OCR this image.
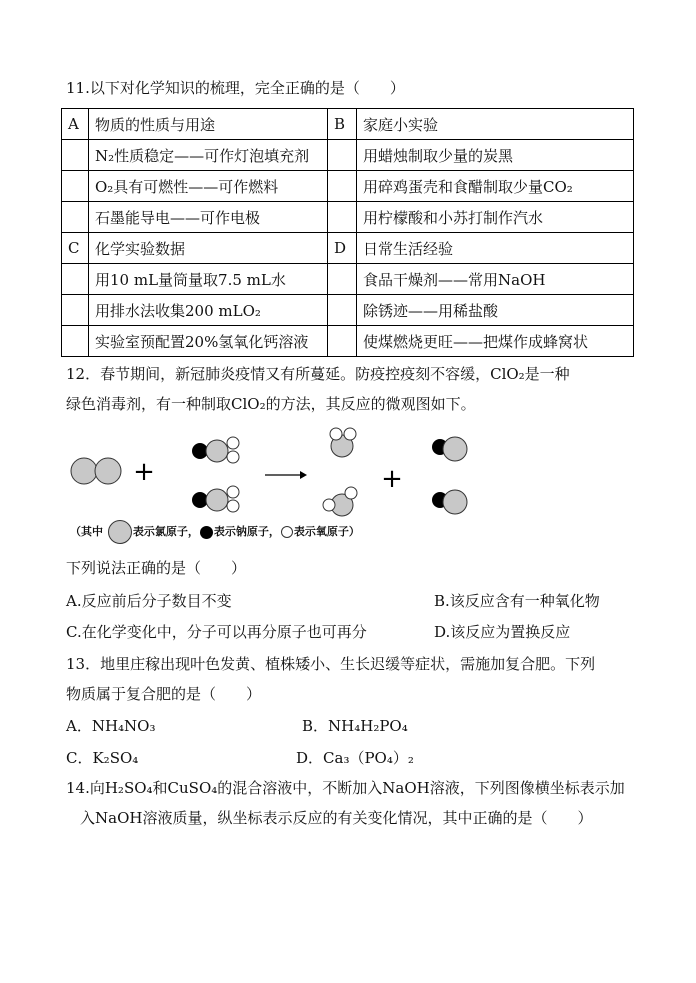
11.以下对化学知识的梳理，完全正确的是（　　）
A	物质的性质与用途	B	家庭小实验
	N₂性质稳定——可作灯泡填充剂		用蜡烛制取少量的炭黑
	O₂具有可燃性——可作燃料		用碎鸡蛋壳和食醋制取少量CO₂
	石墨能导电——可作电极		用柠檬酸和小苏打制作汽水
C	化学实验数据	D	日常生活经验
	用10 mL量筒量取7.5 mL水		食品干燥剂——常用NaOH
	用排水法收集200 mLO₂		除锈迹——用稀盐酸
	实验室预配置20%氢氧化钙溶液		使煤燃烧更旺——把煤作成蜂窝状
12．春节期间，新冠肺炎疫情又有所蔓延。防疫控疫刻不容缓，ClO₂是一种
绿色消毒剂，有一种制取ClO₂的方法，其反应的微观图如下。
+	+
（其中	表示氯原子， 表示钠原子， 表示氧原子）
下列说法正确的是（　　）
A.反应前后分子数目不变	B.该反应含有一种氧化物
C.在化学变化中，分子可以再分原子也可再分	D.该反应为置换反应
13．地里庄稼出现叶色发黄、植株矮小、生长迟缓等症状，需施加复合肥。下列
物质属于复合肥的是（　　）
A．NH₄NO₃	B．NH₄H₂PO₄
C．K₂SO₄	D．Ca₃（PO₄）₂
14.向H₂SO₄和CuSO₄的混合溶液中，不断加入NaOH溶液，下列图像横坐标表示加
入NaOH溶液质量，纵坐标表示反应的有关变化情况，其中正确的是（　　）
